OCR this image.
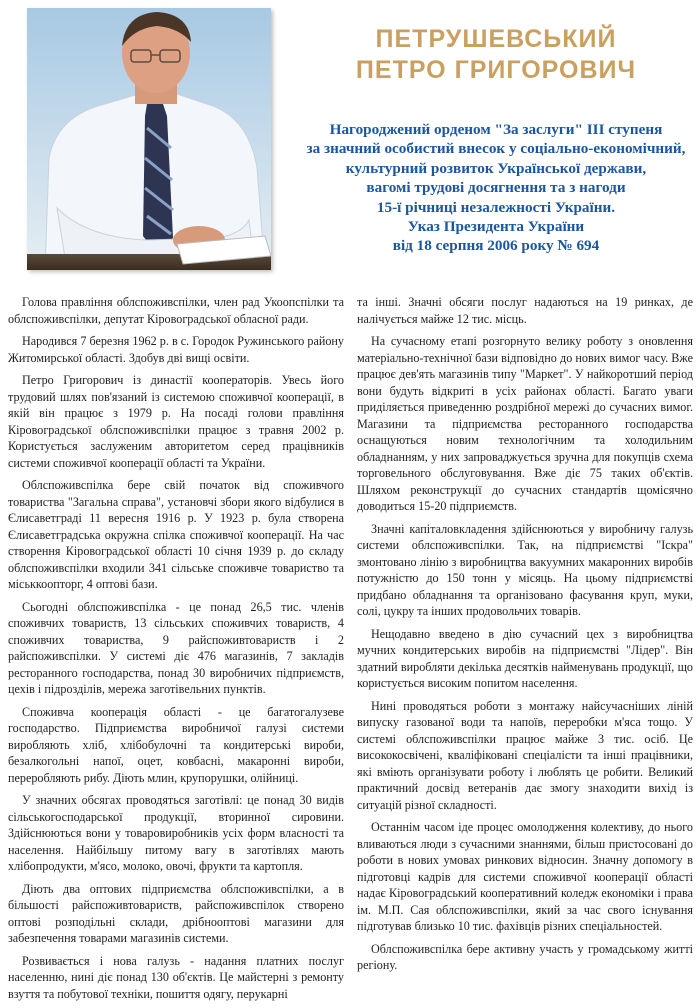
ПЕТРУШЕВСЬКИЙ
ПЕТРО ГРИГОРОВИЧ
Нагороджений орденом "За заслуги" III ступеня
за значний особистий внесок у соціально-економічний,
культурний розвиток Української держави,
вагомі трудові досягнення та з нагоди
15-ї річниці незалежності України.
Указ Президента України
від 18 серпня 2006 року № 694

Голова правління облспоживспілки, член рад Укоопспілки та облспоживспілки, депутат Кіровоградської обласної ради.

Народився 7 березня 1962 р. в с. Городок Ружинського району Житомирської області. Здобув дві вищі освіти.

Петро Григорович із династії кооператорів. Увесь його трудовий шлях пов'язаний із системою споживчої кооперації, в якій він працює з 1979 р. На посаді голови правління Кіровоградської облспоживспілки працює з травня 2002 р. Користується заслуженим авторитетом серед працівників системи споживчої кооперації області та України.

Облспоживспілка бере свій початок від споживчого товариства "Загальна справа", установчі збори якого відбулися в Єлисаветграді 11 вересня 1916 р. У 1923 р. була створена Єлисаветградська окружна спілка споживчої кооперації. На час створення Кіровоградської області 10 січня 1939 р. до складу облспоживспілки входили 341 сільське споживче товариство та міськкоопторг, 4 оптові бази.

Сьогодні облспоживспілка - це понад 26,5 тис. членів споживчих товариств, 13 сільських споживчих товариств, 4 споживчих товариства, 9 райспоживтовариств і 2 райспоживспілки. У системі діє 476 магазинів, 7 закладів ресторанного господарства, понад 30 виробничих підприємств, цехів і підрозділів, мережа заготівельних пунктів.

Споживча кооперація області - це багатогалузеве господарство. Підприємства виробничої галузі системи виробляють хліб, хлібобулочні та кондитерські вироби, безалкогольні напої, оцет, ковбасні, макаронні вироби, переробляють рибу. Діють млин, крупорушки, олійниці.

У значних обсягах проводяться заготівлі: це понад 30 видів сільськогосподарської продукції, вторинної сировини. Здійснюються вони у товаровиробників усіх форм власності та населення. Найбільшу питому вагу в заготівлях мають хлібопродукти, м'ясо, молоко, овочі, фрукти та картопля.

Діють два оптових підприємства облспоживспілки, а в більшості райспоживтовариств, райспоживспілок створено оптові розподільні склади, дрібнооптові магазини для забезпечення товарами магазинів системи.

Розвивається і нова галузь - надання платних послуг населенню, нині діє понад 130 об'єктів. Це майстерні з ремонту взуття та побутової техніки, пошиття одягу, перукарні

та інші. Значні обсяги послуг надаються на 19 ринках, де налічується майже 12 тис. місць.

На сучасному етапі розгорнуто велику роботу з оновлення матеріально-технічної бази відповідно до нових вимог часу. Вже працює дев'ять магазинів типу "Маркет". У найкоротший період вони будуть відкриті в усіх районах області. Багато уваги приділяється приведенню роздрібної мережі до сучасних вимог. Магазини та підприємства ресторанного господарства оснащуються новим технологічним та холодильним обладнанням, у них запроваджується зручна для покупців схема торговельного обслуговування. Вже діє 75 таких об'єктів. Шляхом реконструкції до сучасних стандартів щомісячно доводиться 15-20 підприємств.

Значні капіталовкладення здійснюються у виробничу галузь системи облспоживспілки. Так, на підприємстві "Іскра" змонтовано лінію з виробництва вакуумних макаронних виробів потужністю до 150 тонн у місяць. На цьому підприємстві придбано обладнання та організовано фасування круп, муки, солі, цукру та інших продовольчих товарів.

Нещодавно введено в дію сучасний цех з виробництва мучних кондитерських виробів на підприємстві "Лідер". Він здатний виробляти декілька десятків найменувань продукції, що користується високим попитом населення.

Нині проводяться роботи з монтажу найсучасніших ліній випуску газованої води та напоїв, переробки м'яса тощо. У системі облспоживспілки працює майже 3 тис. осіб. Це висококосвічені, кваліфіковані спеціалісти та інші працівники, які вміють організувати роботу і люблять це робити. Великий практичний досвід ветеранів дає змогу знаходити вихід із ситуацій різної складності.

Останнім часом іде процес омолодження колективу, до нього вливаються люди з сучасними знаннями, більш пристосовані до роботи в нових умовах ринкових відносин. Значну допомогу в підготовці кадрів для системи споживчої кооперації області надає Кіровоградський кооперативний коледж економіки і права ім. М.П. Сая облспоживспілки, який за час свого існування підготував близько 10 тис. фахівців різних спеціальностей.

Облспоживспілка бере активну участь у громадському житті регіону.
